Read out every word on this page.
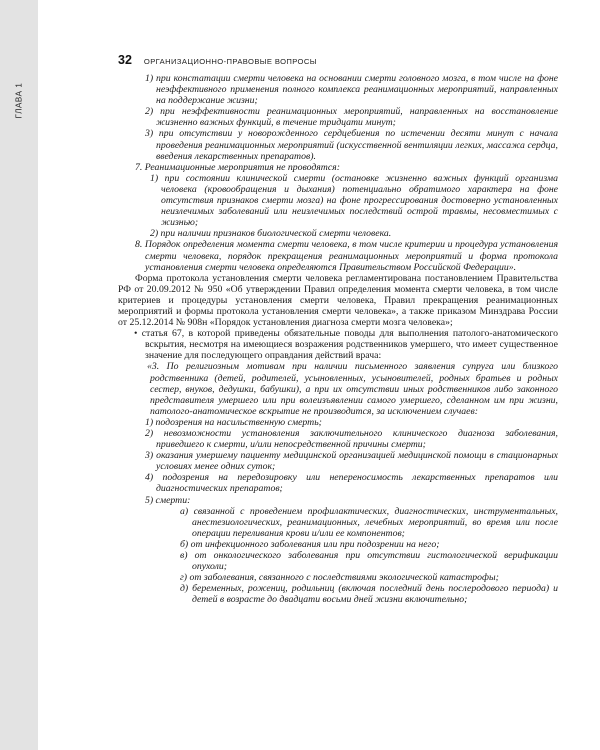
ГЛАВА 1
32 ОРГАНИЗАЦИОННО-ПРАВОВЫЕ ВОПРОСЫ

1) при констатации смерти человека на основании смерти головного мозга, в том числе на фоне неэффективного применения полного комплекса реанимационных мероприятий, направленных на поддержание жизни;

2) при неэффективности реанимационных мероприятий, направленных на восстановление жизненно важных функций, в течение тридцати минут;

3) при отсутствии у новорожденного сердцебиения по истечении десяти минут с начала проведения реанимационных мероприятий (искусственной вентиляции легких, массажа сердца, введения лекарственных препаратов).

7. Реанимационные мероприятия не проводятся:

1) при состоянии клинической смерти (остановке жизненно важных функций организма человека (кровообращения и дыхания) потенциально обратимого характера на фоне отсутствия признаков смерти мозга) на фоне прогрессирования достоверно установленных неизлечимых заболеваний или неизлечимых последствий острой травмы, несовместимых с жизнью;

2) при наличии признаков биологической смерти человека.

8. Порядок определения момента смерти человека, в том числе критерии и процедура установления смерти человека, порядок прекращения реанимационных мероприятий и форма протокола установления смерти человека определяются Правительством Российской Федерации».

Форма протокола установления смерти человека регламентирована постановлением Правительства РФ от 20.09.2012 № 950 «Об утверждении Правил определения момента смерти человека, в том числе критериев и процедуры установления смерти человека, Правил прекращения реанимационных мероприятий и формы протокола установления смерти человека», а также приказом Минздрава России от 25.12.2014 № 908н «Порядок установления диагноза смерти мозга человека»;

• статья 67, в которой приведены обязательные поводы для выполнения патолого-анатомического вскрытия, несмотря на имеющиеся возражения родственников умершего, что имеет существенное значение для последующего оправдания действий врача:

«3. По религиозным мотивам при наличии письменного заявления супруга или близкого родственника (детей, родителей, усыновленных, усыновителей, родных братьев и родных сестер, внуков, дедушки, бабушки), а при их отсутствии иных родственников либо законного представителя умершего или при волеизъявлении самого умершего, сделанном им при жизни, патолого-анатомическое вскрытие не производится, за исключением случаев:

1) подозрения на насильственную смерть;

2) невозможности установления заключительного клинического диагноза заболевания, приведшего к смерти, и/или непосредственной причины смерти;

3) оказания умершему пациенту медицинской организацией медицинской помощи в стационарных условиях менее одних суток;

4) подозрения на передозировку или непереносимость лекарственных препаратов или диагностических препаратов;

5) смерти:

а) связанной с проведением профилактических, диагностических, инструментальных, анестезиологических, реанимационных, лечебных мероприятий, во время или после операции переливания крови и/или ее компонентов;

б) от инфекционного заболевания или при подозрении на него;

в) от онкологического заболевания при отсутствии гистологической верификации опухоли;

г) от заболевания, связанного с последствиями экологической катастрофы;

д) беременных, рожениц, родильниц (включая последний день послеродового периода) и детей в возрасте до двадцати восьми дней жизни включительно;
